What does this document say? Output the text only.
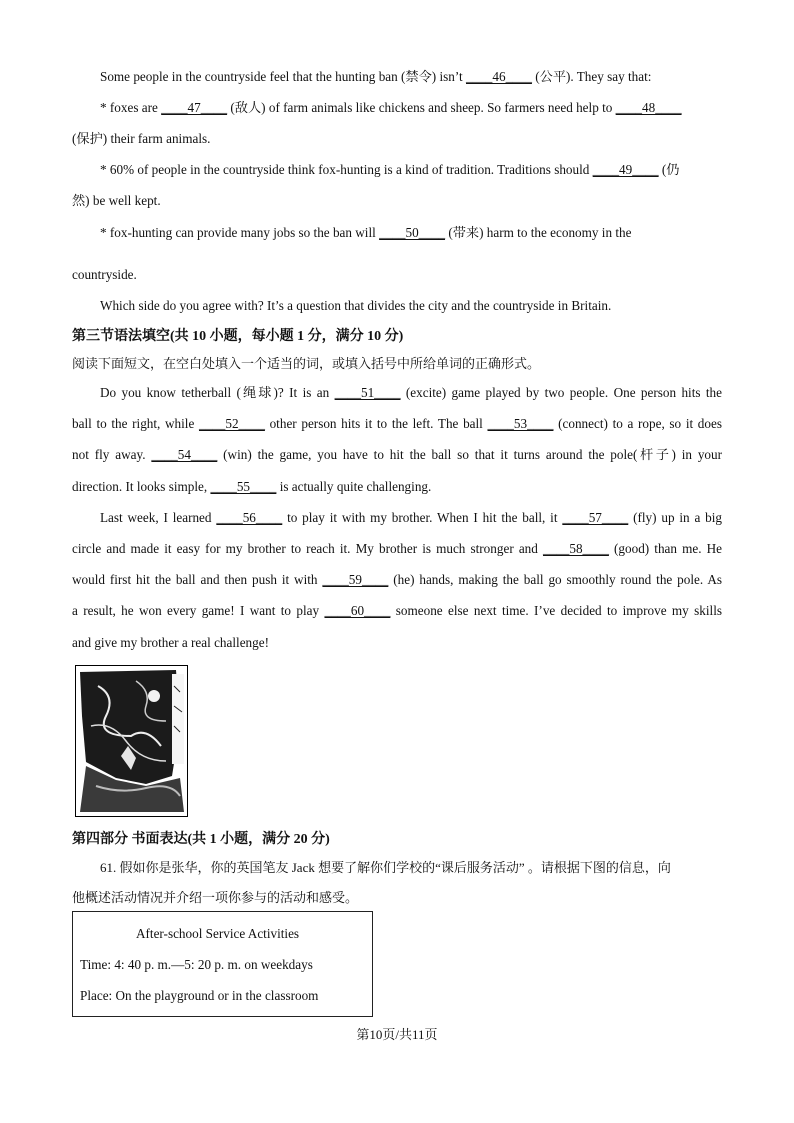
Some people in the countryside feel that the hunting ban (禁令) isn’t ____46____ (公平). They say that:
* foxes are ____47____ (敌人) of farm animals like chickens and sheep. So farmers need help to ____48____
(保护) their farm animals.
* 60% of people in the countryside think fox-hunting is a kind of tradition. Traditions should ____49____ (仍
然) be well kept.
* fox-hunting can provide many jobs so the ban will ____50____ (带来) harm to the economy in the
countryside.
Which side do you agree with? It’s a question that divides the city and the countryside in Britain.
第三节语法填空(共 10 小题，每小题 1 分，满分 10 分)
阅读下面短文，在空白处填入一个适当的词，或填入括号中所给单词的正确形式。
Do you know tetherball (绳球)? It is an ____51____ (excite) game played by two people. One person hits the
ball to the right, while ____52____ other person hits it to the left. The ball ____53____ (connect) to a rope, so it does
not fly away. ____54____ (win) the game, you have to hit the ball so that it turns around the pole(杆子) in your
direction. It looks simple, ____55____ is actually quite challenging.
Last week, I learned ____56____ to play it with my brother. When I hit the ball, it ____57____ (fly) up in a big
circle and made it easy for my brother to reach it. My brother is much stronger and ____58____ (good) than me. He
would first hit the ball and then push it with ____59____ (he) hands, making the ball go smoothly round the pole. As
a result, he won every game! I want to play ____60____ someone else next time. I’ve decided to improve my skills
and give my brother a real challenge!
第四部分 书面表达(共 1 小题，满分 20 分)
61. 假如你是张华，你的英国笔友 Jack 想要了解你们学校的“课后服务活动” 。请根据下图的信息，向
他概述活动情况并介绍一项你参与的活动和感受。
After-school Service Activities
Time: 4: 40 p. m.—5: 20 p. m. on weekdays
Place: On the playground or in the classroom
第10页/共11页
